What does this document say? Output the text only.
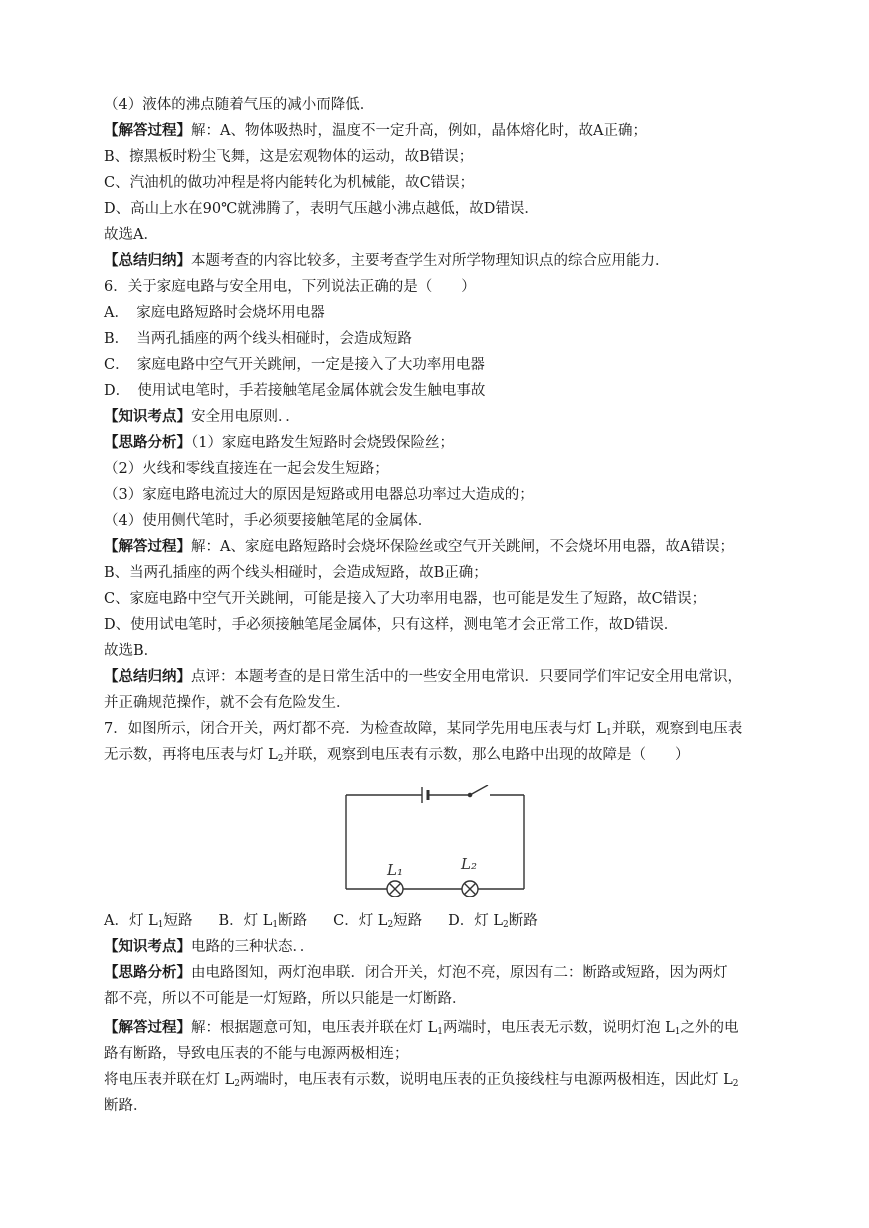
（4）液体的沸点随着气压的减小而降低．
【解答过程】解：A、物体吸热时，温度不一定升高，例如，晶体熔化时，故A正确；
B、擦黑板时粉尘飞舞，这是宏观物体的运动，故B错误；
C、汽油机的做功冲程是将内能转化为机械能，故C错误；
D、高山上水在90℃就沸腾了，表明气压越小沸点越低，故D错误．
故选A．
【总结归纳】本题考查的内容比较多，主要考查学生对所学物理知识点的综合应用能力．
6．关于家庭电路与安全用电，下列说法正确的是（　　）
A．　家庭电路短路时会烧坏用电器
B．　当两孔插座的两个线头相碰时，会造成短路
C．　家庭电路中空气开关跳闸，一定是接入了大功率用电器
D．　使用试电笔时，手若接触笔尾金属体就会发生触电事故
【知识考点】安全用电原则．．
【思路分析】（1）家庭电路发生短路时会烧毁保险丝；
（2）火线和零线直接连在一起会发生短路；
（3）家庭电路电流过大的原因是短路或用电器总功率过大造成的；
（4）使用侧代笔时，手必须要接触笔尾的金属体．
【解答过程】解：A、家庭电路短路时会烧坏保险丝或空气开关跳闸，不会烧坏用电器，故A错误；
B、当两孔插座的两个线头相碰时，会造成短路，故B正确；
C、家庭电路中空气开关跳闸，可能是接入了大功率用电器，也可能是发生了短路，故C错误；
D、使用试电笔时，手必须接触笔尾金属体，只有这样，测电笔才会正常工作，故D错误．
故选B．
【总结归纳】点评：本题考查的是日常生活中的一些安全用电常识．只要同学们牢记安全用电常识，
并正确规范操作，就不会有危险发生．
7．如图所示，闭合开关，两灯都不亮．为检查故障，某同学先用电压表与灯 $L_1$并联，观察到电压表
无示数，再将电压表与灯 $L_2$并联，观察到电压表有示数，那么电路中出现的故障是（　　）
L₁	L₂
A．灯 $L_1$短路 B．灯 $L_1$断路 C．灯 $L_2$短路 D．灯 $L_2$断路
【知识考点】电路的三种状态．．
【思路分析】由电路图知，两灯泡串联．闭合开关，灯泡不亮，原因有二：断路或短路，因为两灯
都不亮，所以不可能是一灯短路，所以只能是一灯断路．
【解答过程】解：根据题意可知，电压表并联在灯 $L_1$两端时，电压表无示数，说明灯泡 $L_1$之外的电
路有断路，导致电压表的不能与电源两极相连；
将电压表并联在灯 $L_2$两端时，电压表有示数，说明电压表的正负接线柱与电源两极相连，因此灯 $L_2$
断路．
